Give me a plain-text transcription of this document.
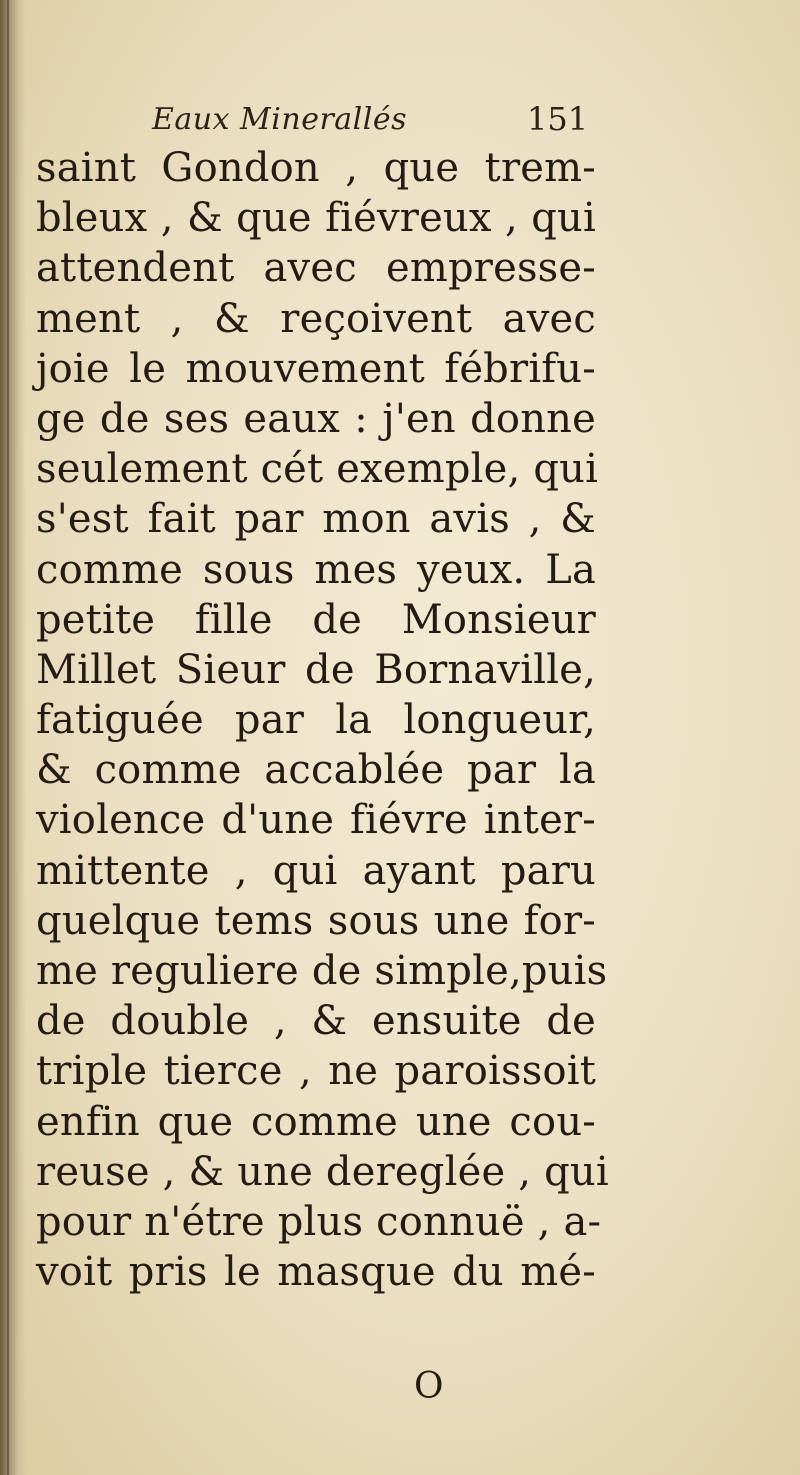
Eaux Minerallés	151
saint Gondon , que trem-
bleux , & que fiévreux , qui
attendent avec empresse-
ment , & reçoivent avec
joie le mouvement fébrifu-
ge de ses eaux : j'en donne
seulement cét exemple, qui
s'est fait par mon avis , &
comme sous mes yeux. La
petite fille de Monsieur
Millet Sieur de Bornaville,
fatiguée par la longueur,
& comme accablée par la
violence d'une fiévre inter-
mittente , qui ayant paru
quelque tems sous une for-
me reguliere de simple,puis
de double , & ensuite de
triple tierce , ne paroissoit
enfin que comme une cou-
reuse , & une dereglée , qui
pour n'étre plus connuë , a-
voit pris le masque du mé-
O
